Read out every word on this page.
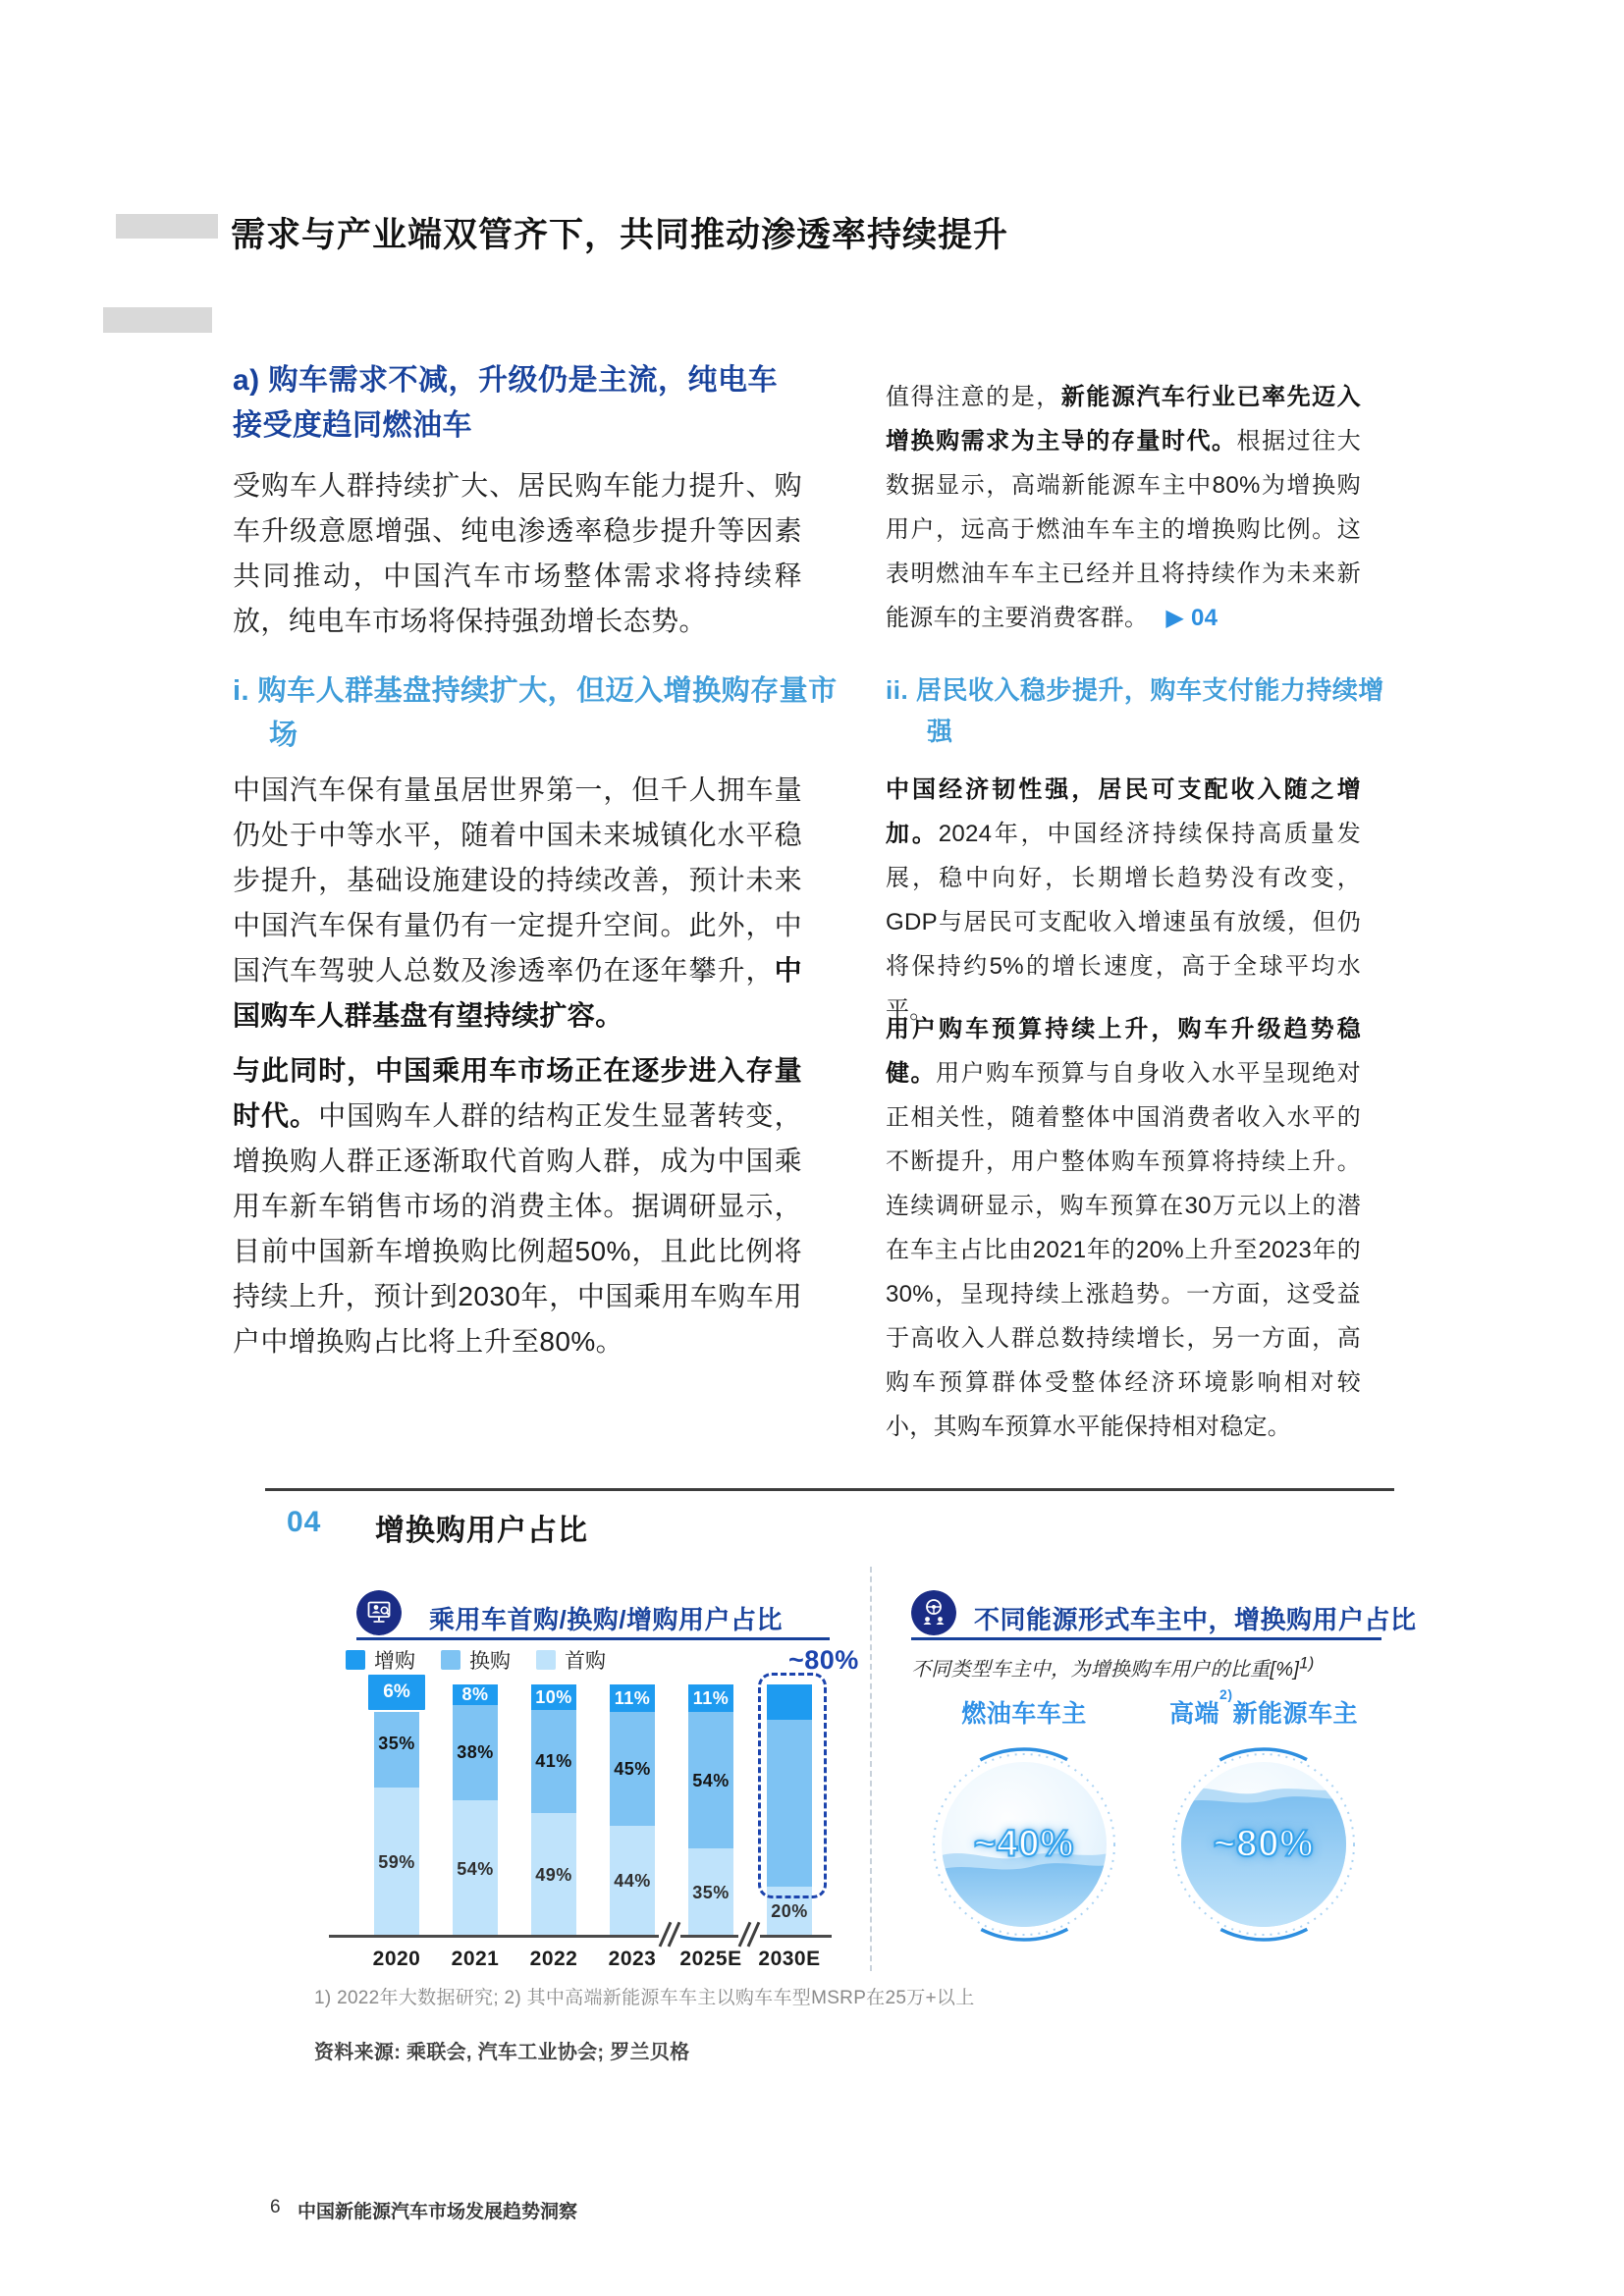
需求与产业端双管齐下，共同推动渗透率持续提升
a) 购车需求不减，升级仍是主流，纯电车接受度趋同燃油车

受购车人群持续扩大、居民购车能力提升、购车升级意愿增强、纯电渗透率稳步提升等因素共同推动，中国汽车市场整体需求将持续释放，纯电车市场将保持强劲增长态势。

i. 购车人群基盘持续扩大，但迈入增换购存量市场

中国汽车保有量虽居世界第一，但千人拥车量仍处于中等水平，随着中国未来城镇化水平稳步提升，基础设施建设的持续改善，预计未来中国汽车保有量仍有一定提升空间。此外，中国汽车驾驶人总数及渗透率仍在逐年攀升，中国购车人群基盘有望持续扩容。

与此同时，中国乘用车市场正在逐步进入存量时代。中国购车人群的结构正发生显著转变，增换购人群正逐渐取代首购人群，成为中国乘用车新车销售市场的消费主体。据调研显示，目前中国新车增换购比例超50%，且此比例将持续上升，预计到2030年，中国乘用车购车用户中增换购占比将上升至80%。

值得注意的是，新能源汽车行业已率先迈入增换购需求为主导的存量时代。根据过往大数据显示，高端新能源车主中80%为增换购用户，远高于燃油车车主的增换购比例。这表明燃油车车主已经并且将持续作为未来新能源车的主要消费客群。 ▶ 04

ii. 居民收入稳步提升，购车支付能力持续增强

中国经济韧性强，居民可支配收入随之增加。2024年，中国经济持续保持高质量发展，稳中向好，长期增长趋势没有改变，GDP与居民可支配收入增速虽有放缓，但仍将保持约5%的增长速度，高于全球平均水平。

用户购车预算持续上升，购车升级趋势稳健。用户购车预算与自身收入水平呈现绝对正相关性，随着整体中国消费者收入水平的不断提升，用户整体购车预算将持续上升。连续调研显示，购车预算在30万元以上的潜在车主占比由2021年的20%上升至2023年的30%，呈现持续上涨趋势。一方面，这受益于高收入人群总数持续增长，另一方面，高购车预算群体受整体经济环境影响相对较小，其购车预算水平能保持相对稳定。

04 增换购用户占比
乘用车首购/换购/增购用户占比
增购	换购	首购
35%
59%
8%
38%
54%
10%
41%
49%
11%
45%
44%
11%
54%
35%
20%
6%
~80%
2020 2021 2022 2023 2025E 2030E
不同能源形式车主中，增换购用户占比
不同类型车主中，为增换购车用户的比重[%]$^{1)}$
燃油车车主
~40%
高端
2)
新能源车主
~80%
1) 2022年大数据研究; 2) 其中高端新能源车车主以购车车型MSRP在25万+以上
资料来源: 乘联会, 汽车工业协会; 罗兰贝格
6 中国新能源汽车市场发展趋势洞察
